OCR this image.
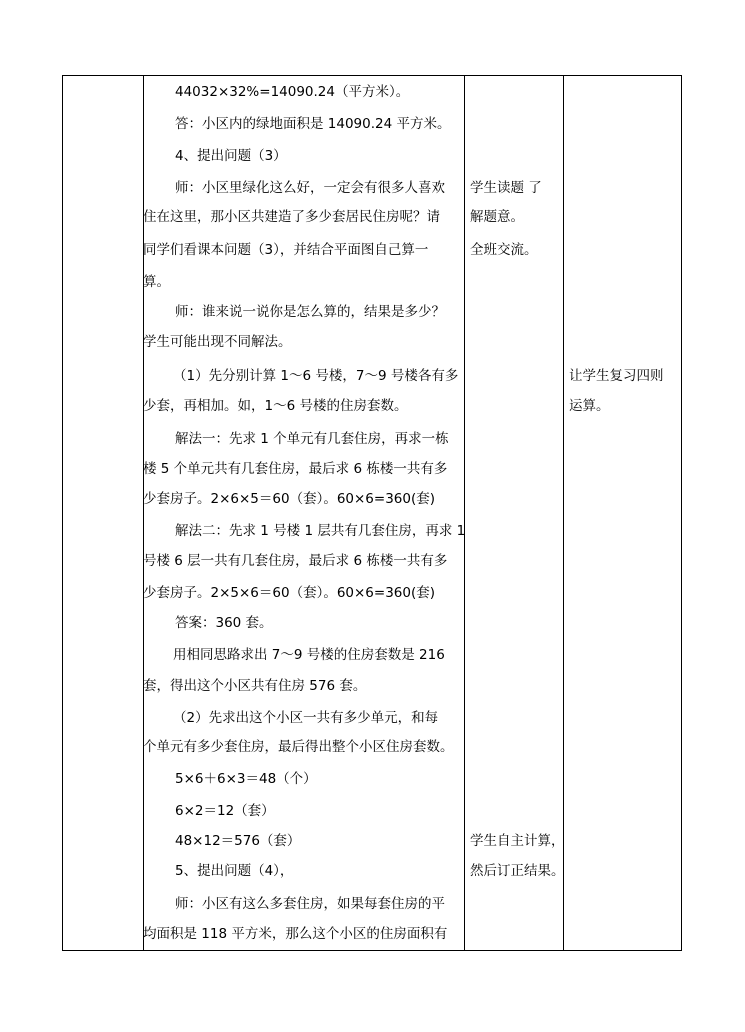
44032×32%=14090.24（平方米）。
答：小区内的绿地面积是 14090.24 平方米。
4、提出问题（3）
师：小区里绿化这么好，一定会有很多人喜欢
住在这里，那小区共建造了多少套居民住房呢？请
同学们看课本问题（3），并结合平面图自己算一
算。
师：谁来说一说你是怎么算的，结果是多少？
学生可能出现不同解法。
（1）先分别计算 1～6 号楼，7～9 号楼各有多
少套，再相加。如，1～6 号楼的住房套数。
解法一：先求 1 个单元有几套住房，再求一栋
楼 5 个单元共有几套住房，最后求 6 栋楼一共有多
少套房子。2×6×5＝60（套）。60×6=360(套)
解法二：先求 1 号楼 1 层共有几套住房，再求 1
号楼 6 层一共有几套住房，最后求 6 栋楼一共有多
少套房子。2×5×6＝60（套）。60×6=360(套)
答案：360 套。
用相同思路求出 7～9 号楼的住房套数是 216
套，得出这个小区共有住房 576 套。
（2）先求出这个小区一共有多少单元，和每
个单元有多少套住房，最后得出整个小区住房套数。
5×6＋6×3＝48（个）
6×2＝12（套）
48×12＝576（套）
5、提出问题（4），
师：小区有这么多套住房，如果每套住房的平
均面积是 118 平方米，那么这个小区的住房面积有
学生读题 了
解题意。
全班交流。
学生自主计算，
然后订正结果。
让学生复习四则
运算。
